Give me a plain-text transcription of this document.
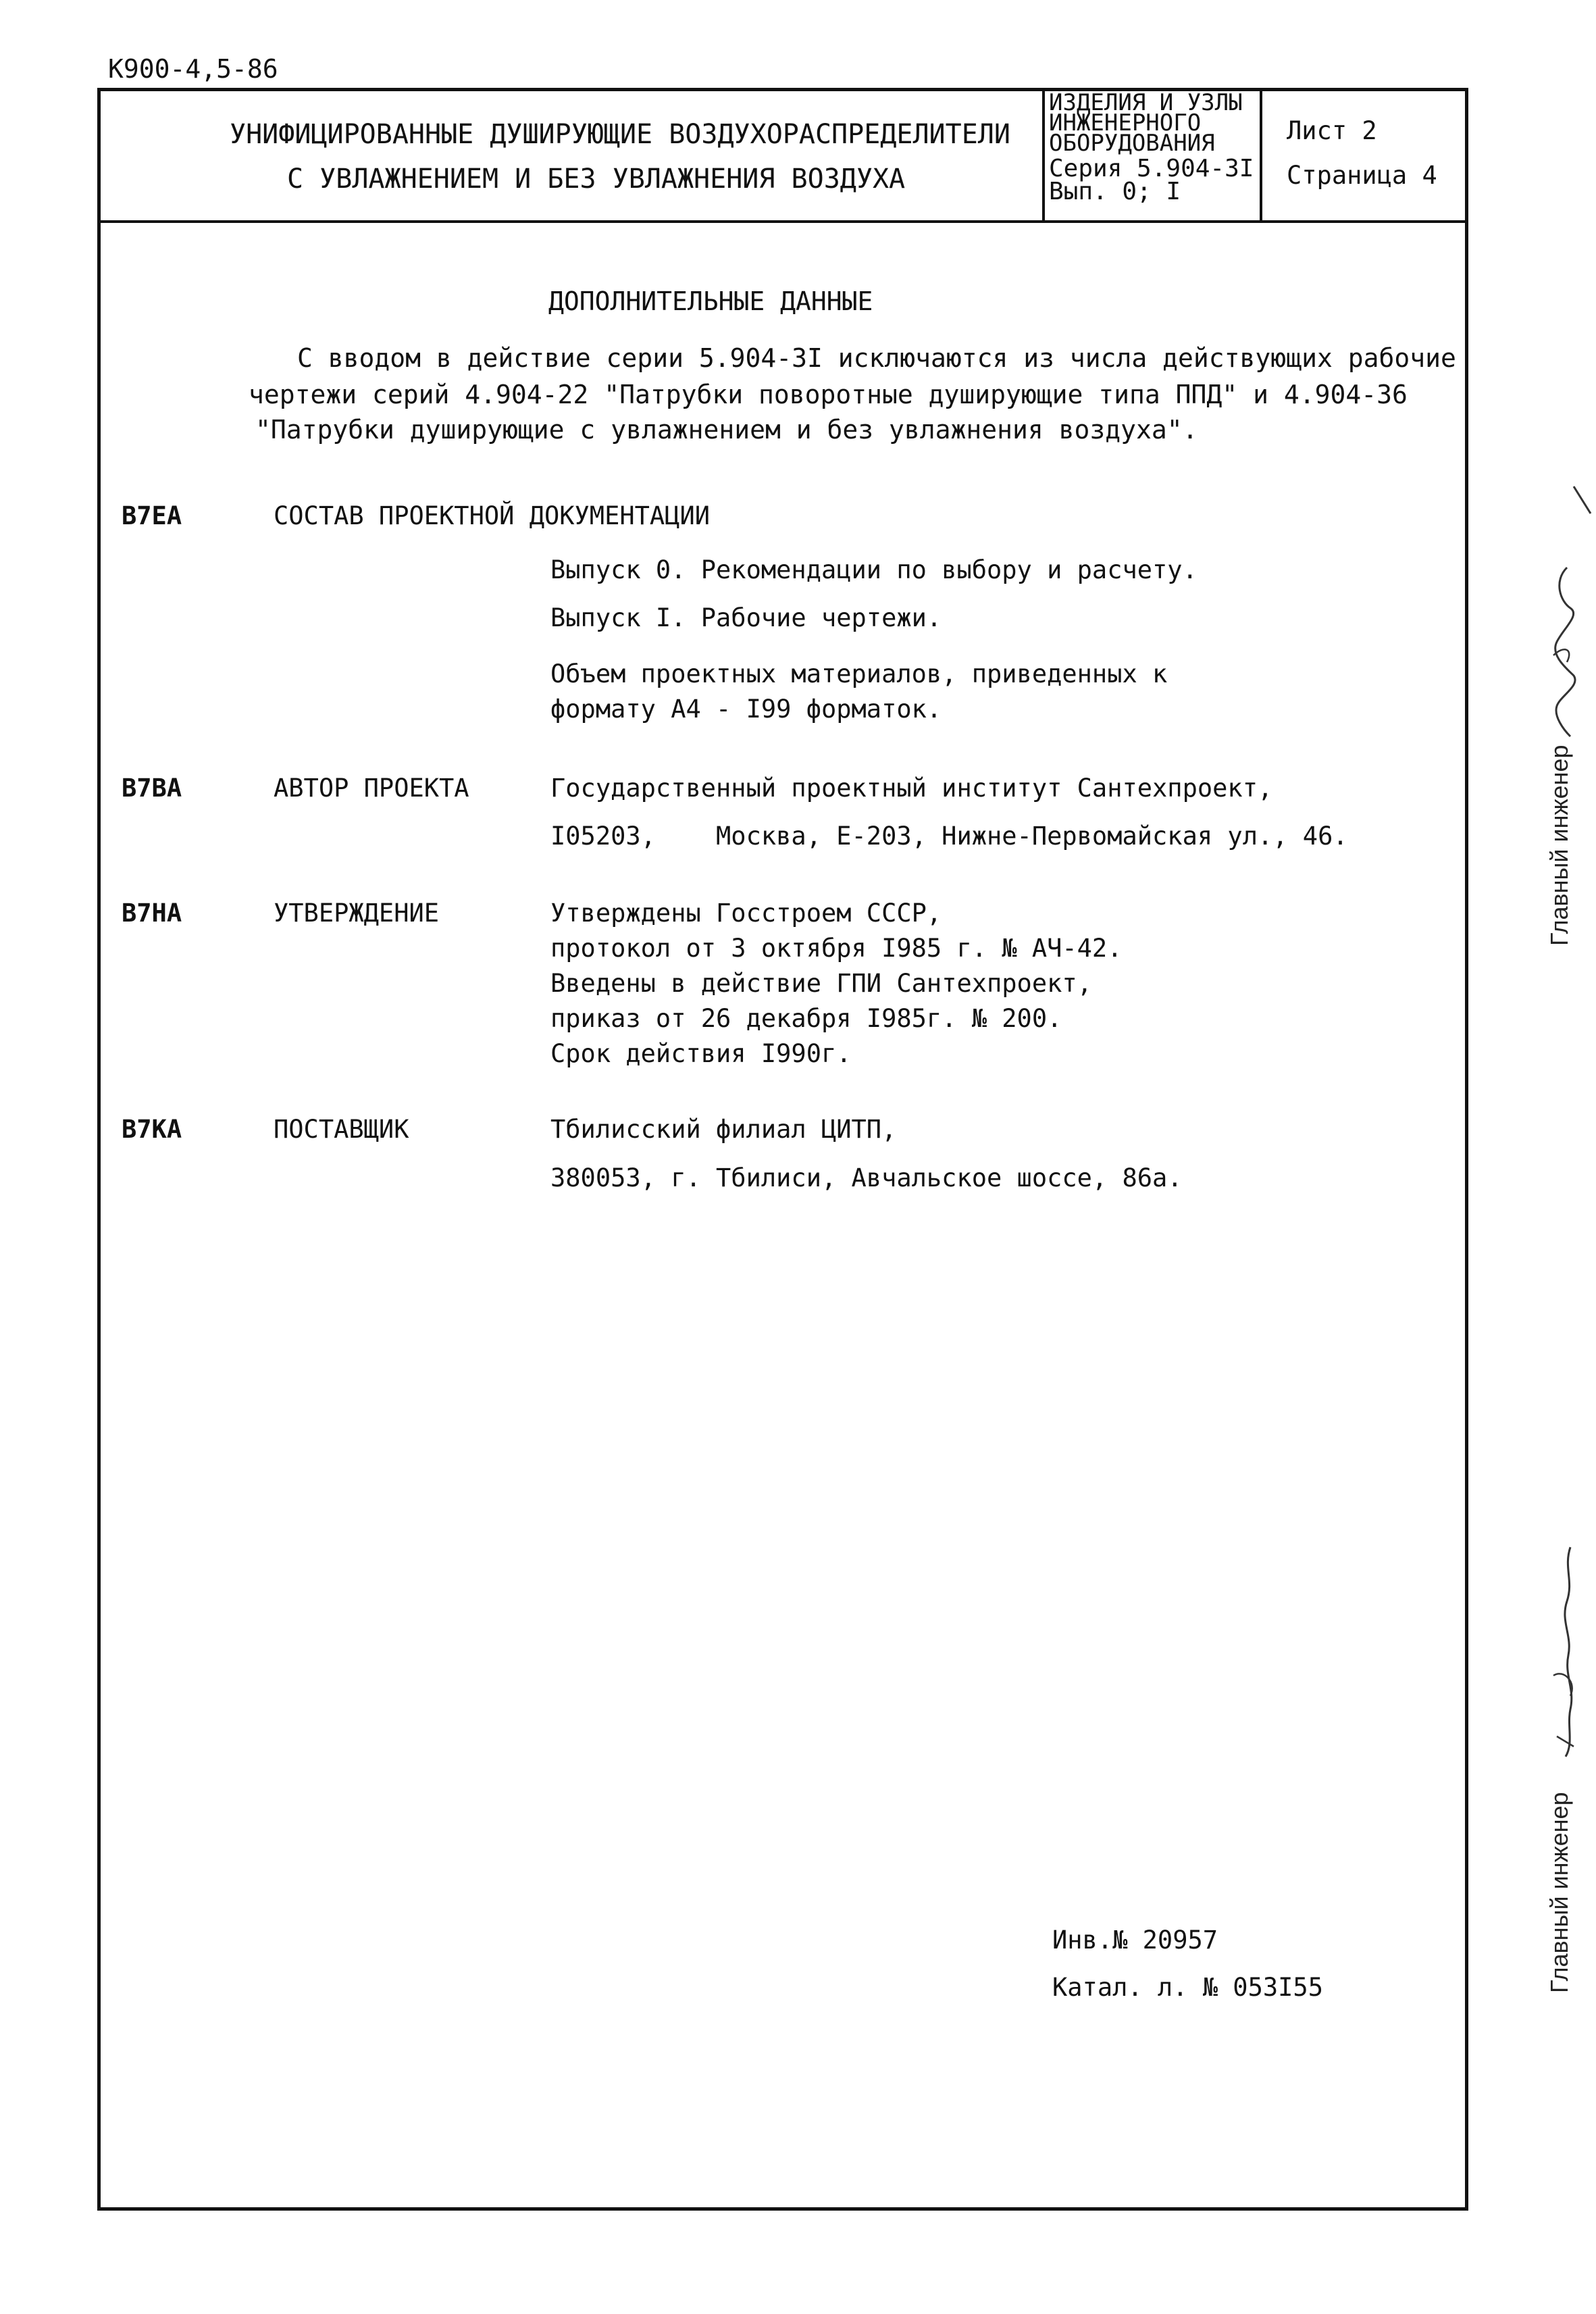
К900-4,5-86
УНИФИЦИРОВАННЫЕ ДУШИРУЮЩИЕ ВОЗДУХОРАСПРЕДЕЛИТЕЛИ
С УВЛАЖНЕНИЕМ И БЕЗ УВЛАЖНЕНИЯ ВОЗДУХА
ИЗДЕЛИЯ И УЗЛЫ
ИНЖЕНЕРНОГО
ОБОРУДОВАНИЯ
Серия 5.904-3I
Вып. 0; I
Лист 2
Страница 4
ДОПОЛНИТЕЛЬНЫЕ ДАННЫЕ
С вводом в действие серии 5.904-3I исключаются из числа действующих рабочие
чертежи серий 4.904-22 "Патрубки поворотные душирующие типа ППД" и 4.904-36
"Патрубки душирующие с увлажнением и без увлажнения воздуха".
В7ЕА	СОСТАВ ПРОЕКТНОЙ ДОКУМЕНТАЦИИ
Выпуск 0. Рекомендации по выбору и расчету.
Выпуск I. Рабочие чертежи.
Объем проектных материалов, приведенных к
формату А4 - I99 форматок.
В7ВА	АВТОР ПРОЕКТА	Государственный проектный институт Сантехпроект,
I05203,    Москва, Е-203, Нижне-Первомайская ул., 46.
В7НА	УТВЕРЖДЕНИЕ	Утверждены Госстроем СССР,
протокол от 3 октября I985 г. № АЧ-42.
Введены в действие ГПИ Сантехпроект,
приказ от 26 декабря I985г. № 200.
Срок действия I990г.
В7КА	ПОСТАВЩИК	Тбилисский филиал ЦИТП,
380053, г. Тбилиси, Авчальское шоссе, 86а.
Инв.№ 20957
Катал. л. № 053I55
Главный инженер
Главный инженер
